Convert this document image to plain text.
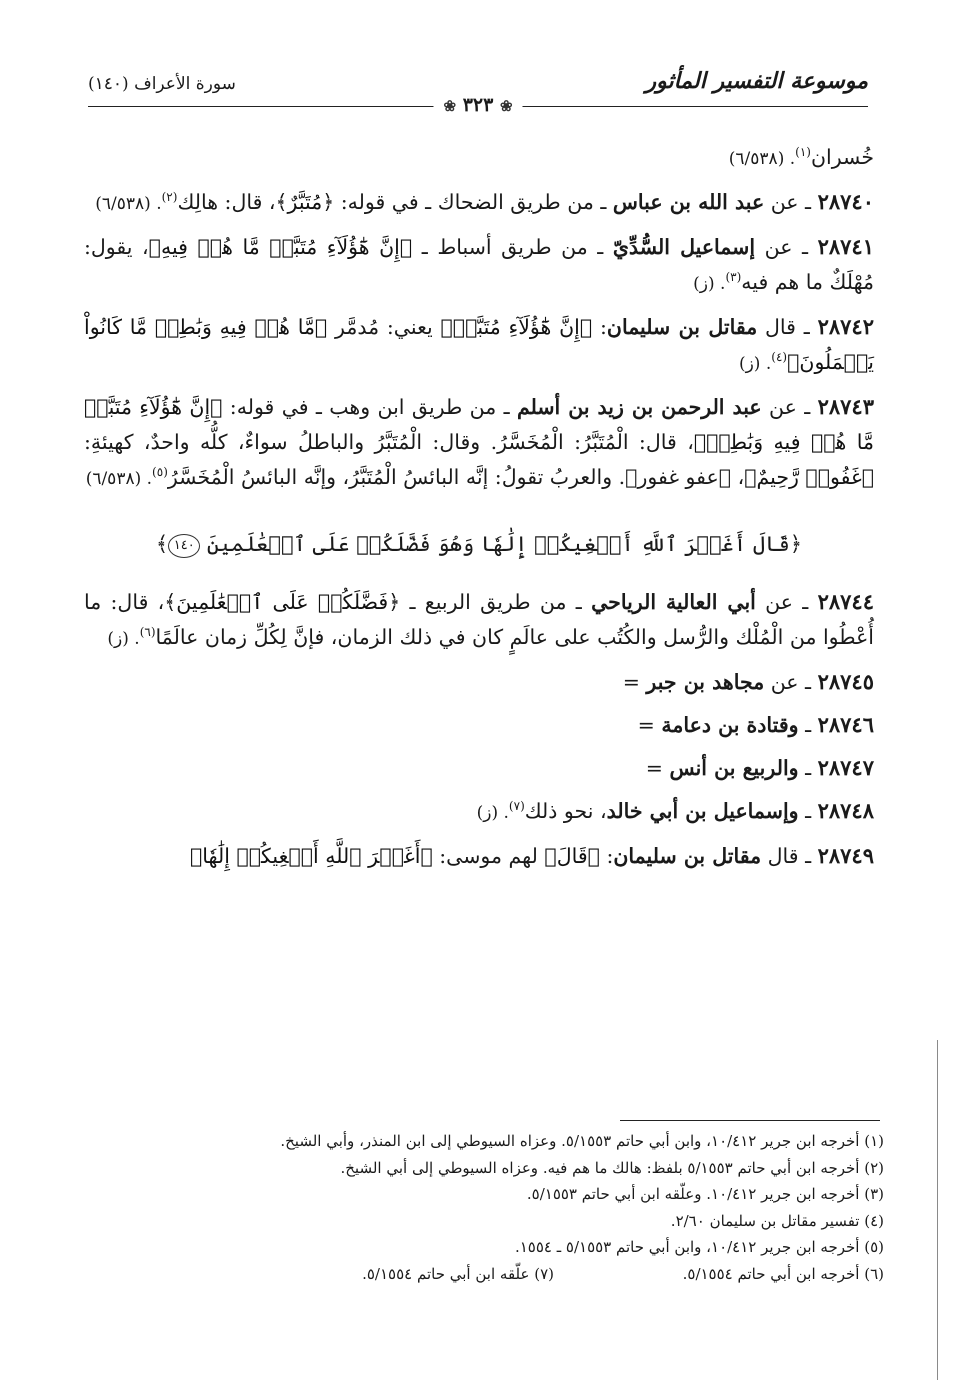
موسوعة التفسير المأثور
سورة الأعراف (١٤٠)
❀ ٣٢٣ ❀

خُسران$^{(١)}$. (٦/٥٣٨)

٢٨٧٤٠ ـ عن عبد الله بن عباس ـ من طريق الضحاك ـ في قوله: ﴿مُتَبَّرٌ﴾، قال: هالِك$^{(٢)}$. (٦/٥٣٨)

٢٨٧٤١ ـ عن إسماعيل السُّدِّيّ ـ من طريق أسباط ـ ﴿إِنَّ هَٰٓؤُلَآءِ مُتَبَّرٞ مَّا هُمۡ فِيهِ﴾، يقول: مُهْلَكٌ ما هم فيه$^{(٣)}$. (ز)

٢٨٧٤٢ ـ قال مقاتل بن سليمان: ﴿إِنَّ هَٰٓؤُلَآءِ مُتَبَّرٞ﴾ يعني: مُدمَّر ﴿مَّا هُمۡ فِيهِ وَبَٰطِلٞ مَّا كَانُواْ يَعۡمَلُونَ﴾$^{(٤)}$. (ز)

٢٨٧٤٣ ـ عن عبد الرحمن بن زيد بن أسلم ـ من طريق ابن وهب ـ في قوله: ﴿إِنَّ هَٰٓؤُلَآءِ مُتَبَّرٞ مَّا هُمۡ فِيهِ وَبَٰطِلٞ﴾، قال: الْمُتَبَّرُ: الْمُخَسَّرُ. وقال: الْمُتَبَّرُ والباطلُ سواءٌ، كلُّه واحدٌ، كهيئةِ: ﴿غَفُورٞ رَّحِيمٌ﴾، ﴿عفو غفور﴾. والعربُ تقولُ: إنَّه البائسُ الْمُتَبَّرُ، وإنَّه البائسُ الْمُخَسَّرُ$^{(٥)}$. (٦/٥٣٨)

﴿قَالَ أَغَيۡرَ ٱللَّهِ أَبۡغِيكُمۡ إِلَٰهٗا وَهُوَ فَضَّلَكُمۡ عَلَى ٱلۡعَٰلَمِينَ ١٤٠﴾

٢٨٧٤٤ ـ عن أبي العالية الرياحي ـ من طريق الربيع ـ ﴿فَضَّلَكُمۡ عَلَى ٱلۡعَٰلَمِينَ﴾، قال: ما أُعْطُوا من الْمُلْك والرُّسل والكُتُب على عالَمٍ كان في ذلك الزمان، فإنَّ لِكُلِّ زمان عالَمًا$^{(٦)}$. (ز)

٢٨٧٤٥ ـ عن مجاهد بن جبر =

٢٨٧٤٦ ـ وقتادة بن دعامة =

٢٨٧٤٧ ـ والربيع بن أنس =

٢٨٧٤٨ ـ وإسماعيل بن أبي خالد، نحو ذلك$^{(٧)}$. (ز)

٢٨٧٤٩ ـ قال مقاتل بن سليمان: ﴿قَالَ﴾ لهم موسى: ﴿أَغَيۡرَ ٱللَّهِ أَبۡغِيكُمۡ إِلَٰهٗا﴾

(١) أخرجه ابن جرير ١٠/٤١٢، وابن أبي حاتم ٥/١٥٥٣. وعزاه السيوطي إلى ابن المنذر، وأبي الشيخ.
(٢) أخرجه ابن أبي حاتم ٥/١٥٥٣ بلفظ: هالك ما هم فيه. وعزاه السيوطي إلى أبي الشيخ.
(٣) أخرجه ابن جرير ١٠/٤١٢. وعلّقه ابن أبي حاتم ٥/١٥٥٣.
(٤) تفسير مقاتل بن سليمان ٢/٦٠.
(٥) أخرجه ابن جرير ١٠/٤١٢، وابن أبي حاتم ٥/١٥٥٣ ـ ١٥٥٤.
(٦) أخرجه ابن أبي حاتم ٥/١٥٥٤.
(٧) علّقه ابن أبي حاتم ٥/١٥٥٤.
